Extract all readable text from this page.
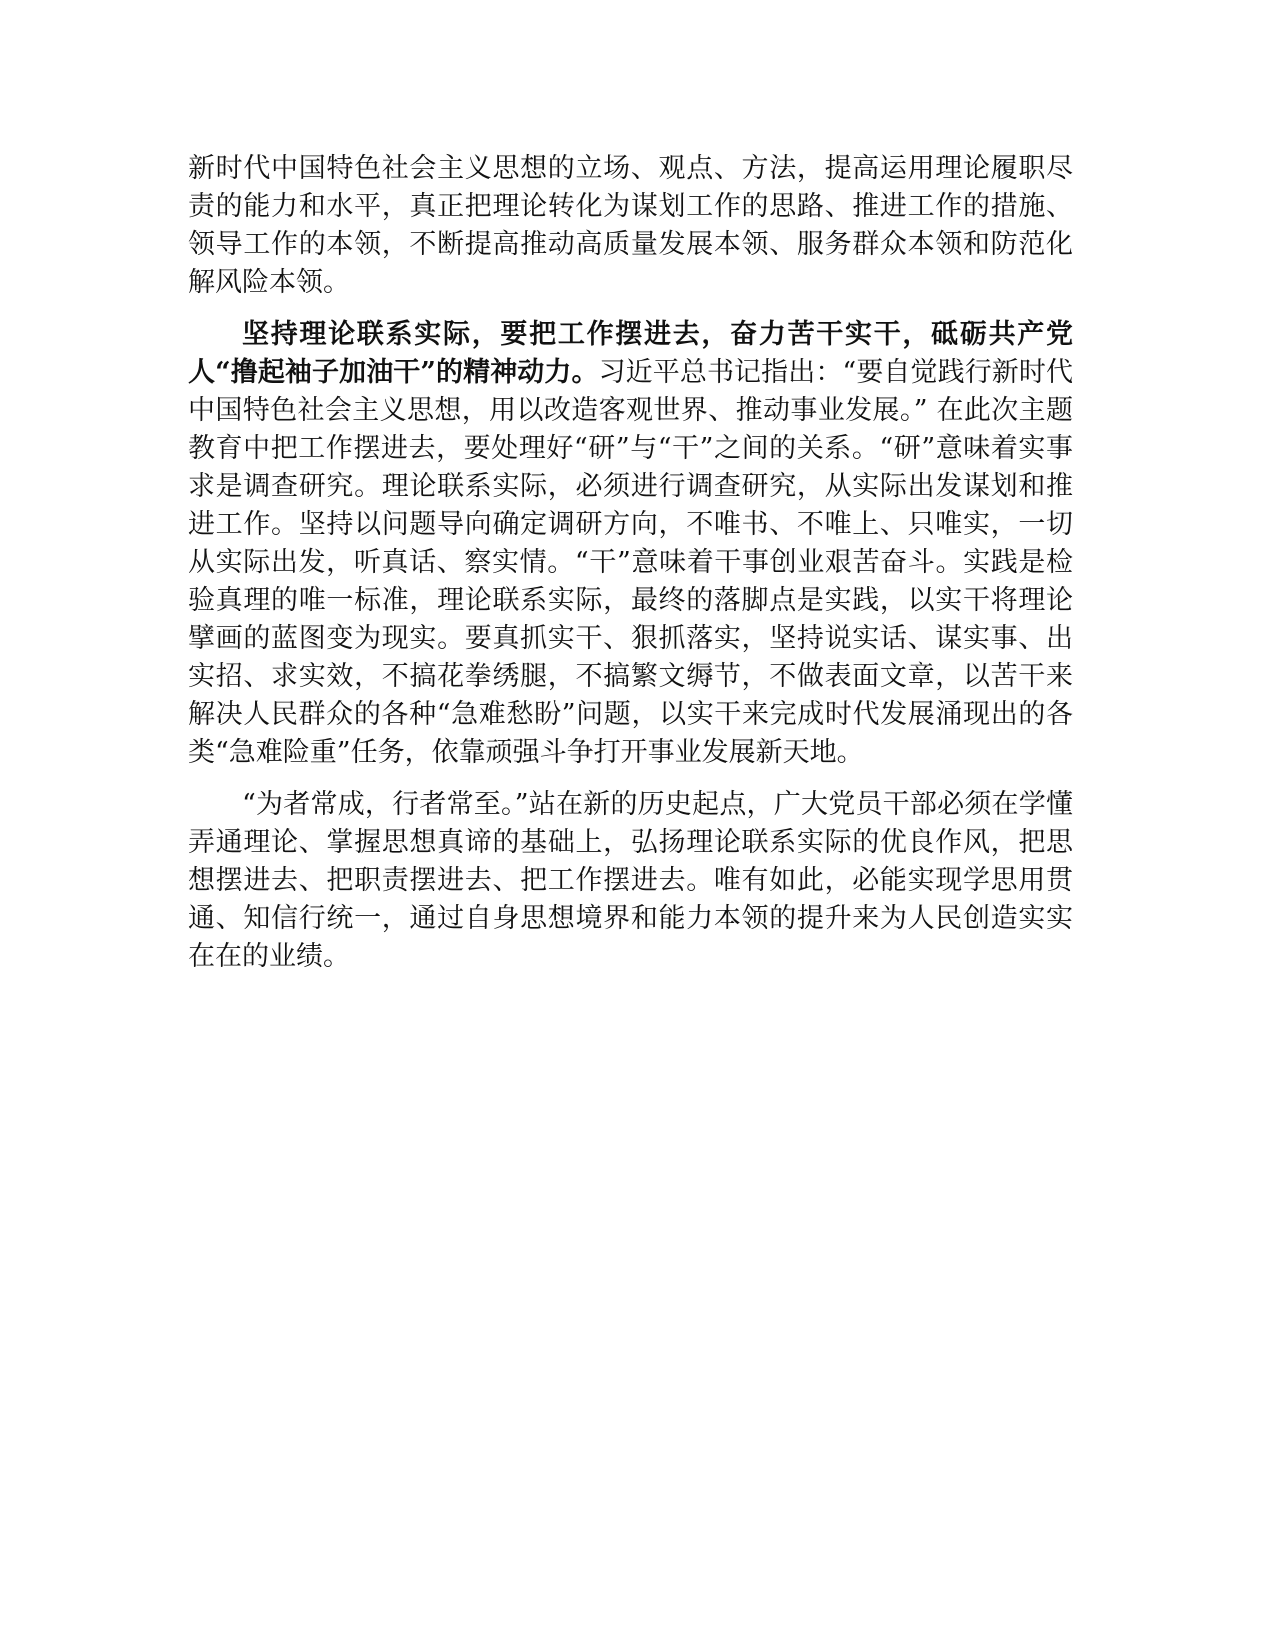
新时代中国特色社会主义思想的立场、观点、方法，提高运用理论履职尽责的能力和水平，真正把理论转化为谋划工作的思路、推进工作的措施、领导工作的本领，不断提高推动高质量发展本领、服务群众本领和防范化解风险本领。

坚持理论联系实际，要把工作摆进去，奋力苦干实干，砥砺共产党人“撸起袖子加油干”的精神动力。习近平总书记指出：“要自觉践行新时代中国特色社会主义思想，用以改造客观世界、推动事业发展。” 在此次主题教育中把工作摆进去，要处理好“研”与“干”之间的关系。“研”意味着实事求是调查研究。理论联系实际，必须进行调查研究，从实际出发谋划和推进工作。坚持以问题导向确定调研方向，不唯书、不唯上、只唯实，一切从实际出发，听真话、察实情。“干”意味着干事创业艰苦奋斗。实践是检验真理的唯一标准，理论联系实际，最终的落脚点是实践，以实干将理论擘画的蓝图变为现实。要真抓实干、狠抓落实，坚持说实话、谋实事、出实招、求实效，不搞花拳绣腿，不搞繁文缛节，不做表面文章，以苦干来解决人民群众的各种“急难愁盼”问题，以实干来完成时代发展涌现出的各类“急难险重”任务，依靠顽强斗争打开事业发展新天地。

“为者常成，行者常至。”站在新的历史起点，广大党员干部必须在学懂弄通理论、掌握思想真谛的基础上，弘扬理论联系实际的优良作风，把思想摆进去、把职责摆进去、把工作摆进去。唯有如此，必能实现学思用贯通、知信行统一，通过自身思想境界和能力本领的提升来为人民创造实实在在的业绩。
